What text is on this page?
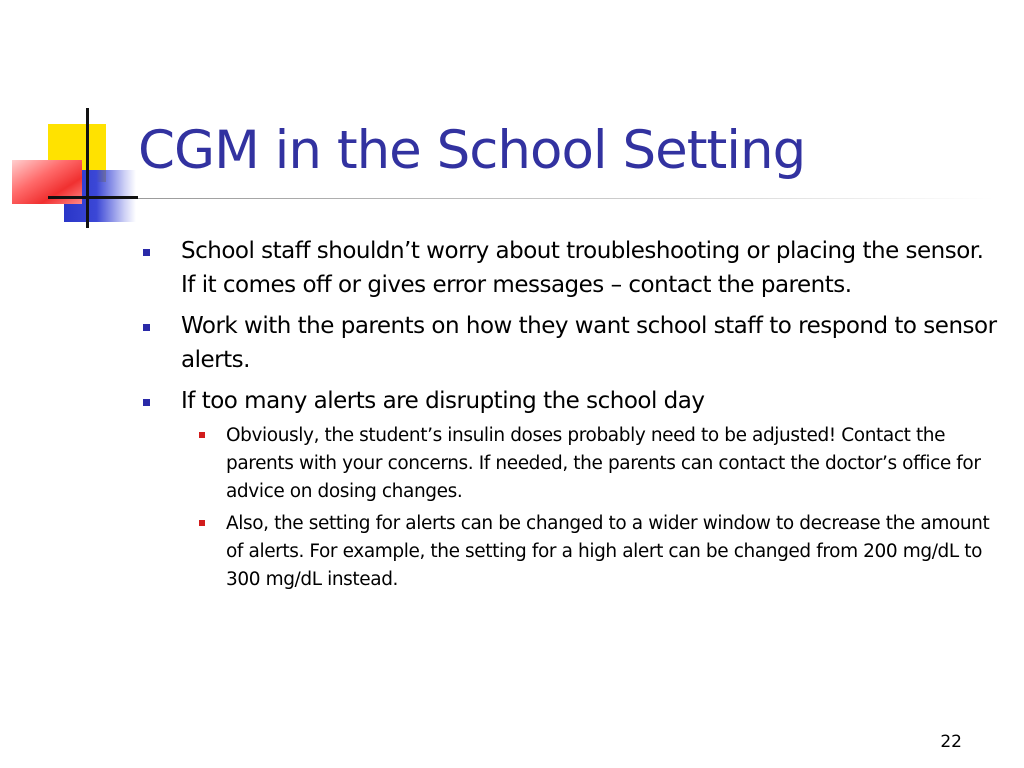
CGM in the School Setting
School staff shouldn’t worry about troubleshooting or placing the sensor. If it comes off or gives error messages – contact the parents.
Work with the parents on how they want school staff to respond to sensor alerts.
If too many alerts are disrupting the school day
Obviously, the student’s insulin doses probably need to be adjusted! Contact the parents with your concerns. If needed, the parents can contact the doctor’s office for advice on dosing changes.
Also, the setting for alerts can be changed to a wider window to decrease the amount of alerts. For example, the setting for a high alert can be changed from 200 mg/dL to 300 mg/dL instead.
22
